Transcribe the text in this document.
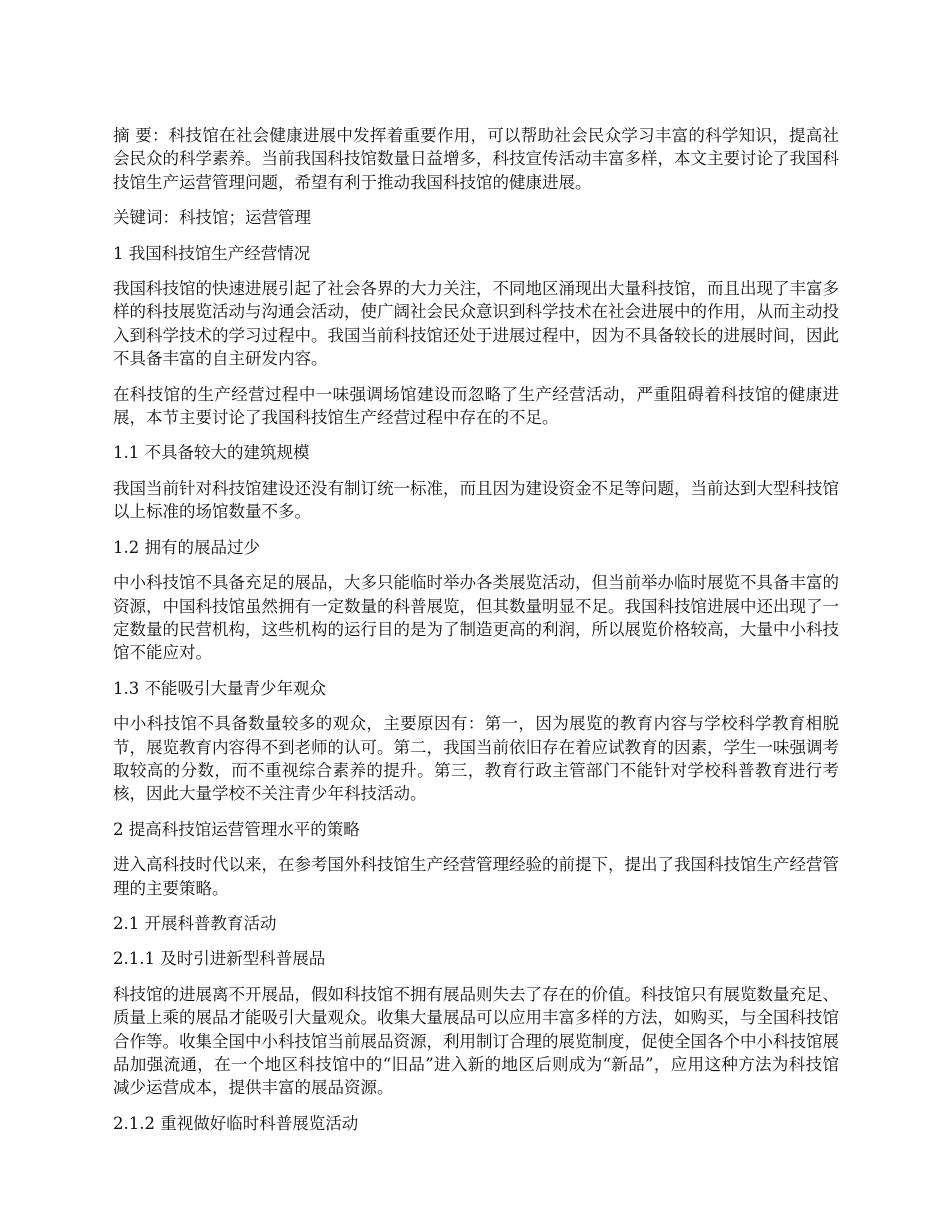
摘 要：科技馆在社会健康进展中发挥着重要作用，可以帮助社会民众学习丰富的科学知识，提高社会民众的科学素养。当前我国科技馆数量日益增多，科技宣传活动丰富多样，本文主要讨论了我国科技馆生产运营管理问题，希望有利于推动我国科技馆的健康进展。

关键词：科技馆；运营管理

1 我国科技馆生产经营情况

我国科技馆的快速进展引起了社会各界的大力关注，不同地区涌现出大量科技馆，而且出现了丰富多样的科技展览活动与沟通会活动，使广阔社会民众意识到科学技术在社会进展中的作用，从而主动投入到科学技术的学习过程中。我国当前科技馆还处于进展过程中，因为不具备较长的进展时间，因此不具备丰富的自主研发内容。

在科技馆的生产经营过程中一味强调场馆建设而忽略了生产经营活动，严重阻碍着科技馆的健康进展，本节主要讨论了我国科技馆生产经营过程中存在的不足。

1.1 不具备较大的建筑规模

我国当前针对科技馆建设还没有制订统一标准，而且因为建设资金不足等问题，当前达到大型科技馆以上标准的场馆数量不多。

1.2 拥有的展品过少

中小科技馆不具备充足的展品，大多只能临时举办各类展览活动，但当前举办临时展览不具备丰富的资源，中国科技馆虽然拥有一定数量的科普展览，但其数量明显不足。我国科技馆进展中还出现了一定数量的民营机构，这些机构的运行目的是为了制造更高的利润，所以展览价格较高，大量中小科技馆不能应对。

1.3 不能吸引大量青少年观众

中小科技馆不具备数量较多的观众，主要原因有：第一，因为展览的教育内容与学校科学教育相脱节，展览教育内容得不到老师的认可。第二，我国当前依旧存在着应试教育的因素，学生一味强调考取较高的分数，而不重视综合素养的提升。第三，教育行政主管部门不能针对学校科普教育进行考核，因此大量学校不关注青少年科技活动。

2 提高科技馆运营管理水平的策略

进入高科技时代以来，在参考国外科技馆生产经营管理经验的前提下，提出了我国科技馆生产经营管理的主要策略。

2.1 开展科普教育活动

2.1.1 及时引进新型科普展品

科技馆的进展离不开展品，假如科技馆不拥有展品则失去了存在的价值。科技馆只有展览数量充足、质量上乘的展品才能吸引大量观众。收集大量展品可以应用丰富多样的方法，如购买，与全国科技馆合作等。收集全国中小科技馆当前展品资源，利用制订合理的展览制度，促使全国各个中小科技馆展品加强流通，在一个地区科技馆中的“旧品”进入新的地区后则成为“新品”，应用这种方法为科技馆减少运营成本，提供丰富的展品资源。

2.1.2 重视做好临时科普展览活动
